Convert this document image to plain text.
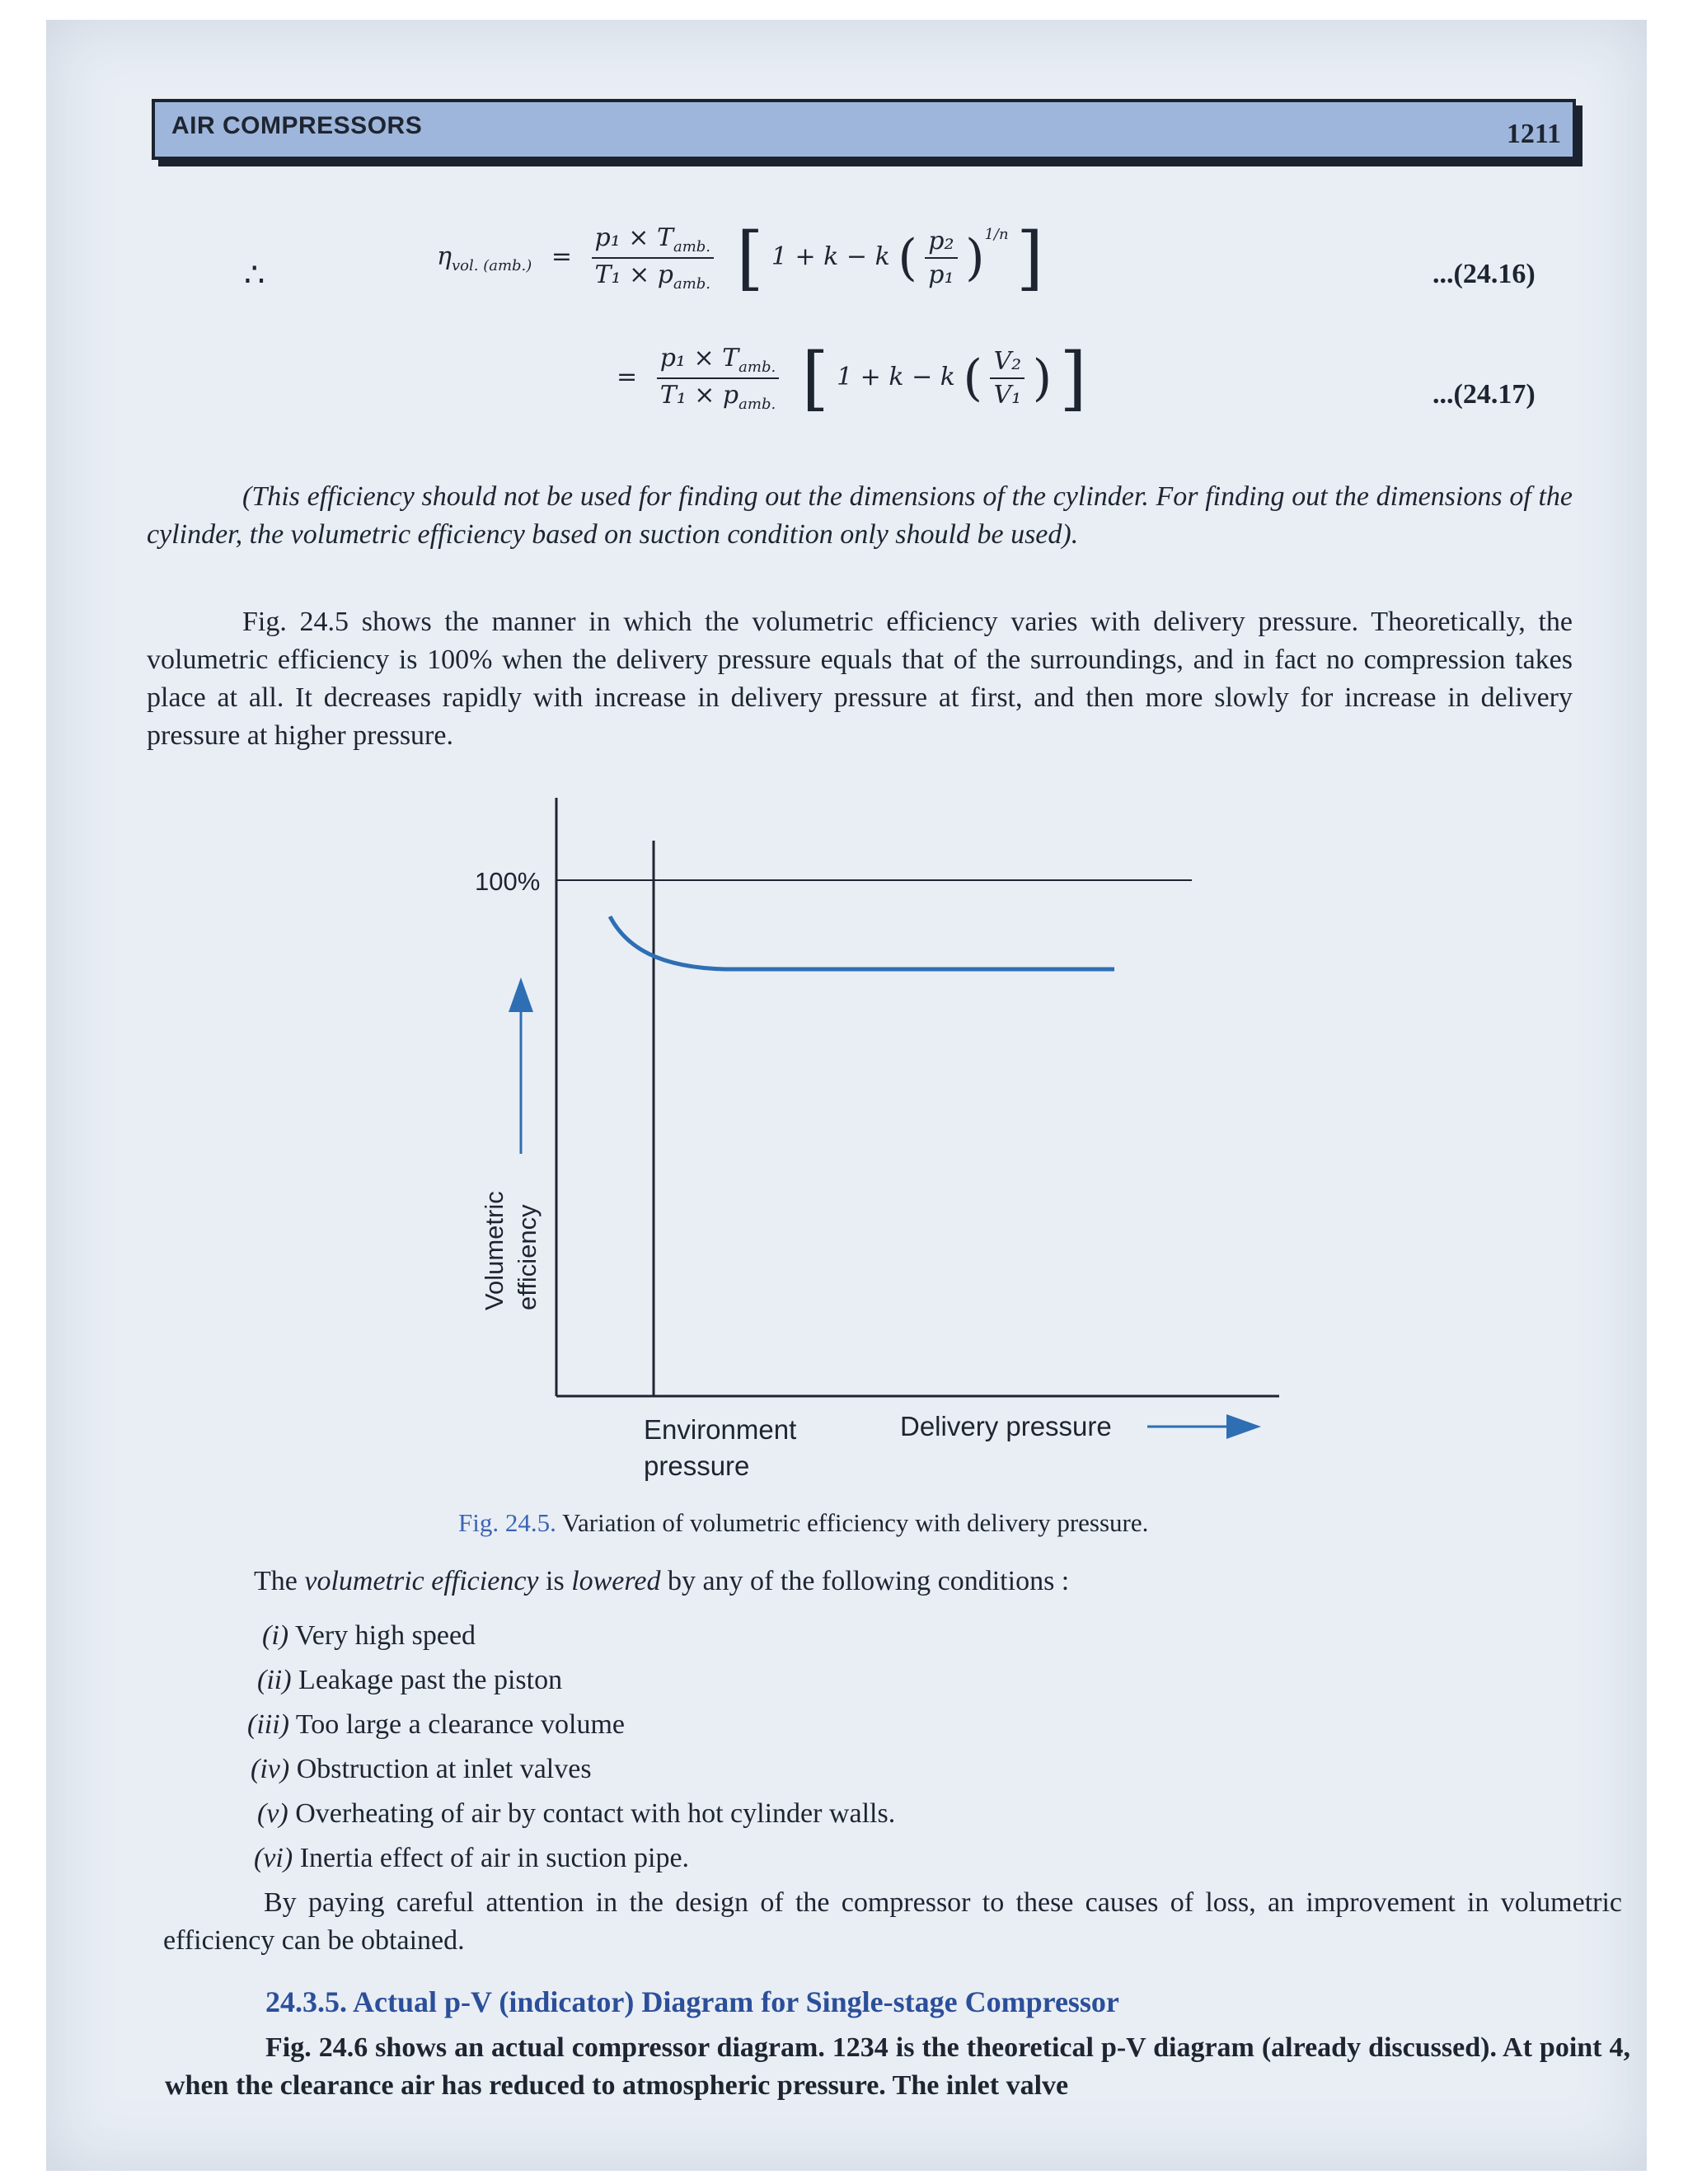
AIR COMPRESSORS	1211
∴	$\eta_{vol. (amb.)} = \frac{p_1 \times T_{amb.}}{T_1 \times p_{amb.}}$ [ 1 + k − k ( $\frac{\text{p₂}}{\text{p₁}} )^{1/n}$ ]	...(24.16)
= $\frac{p_1 \times T_{amb.}}{T_1 \times p_{amb.}}$ [ 1 + k − k ( $\frac{\text{V₂}}{\text{V₁}}$ ) ]	...(24.17)
(This efficiency should not be used for finding out the dimensions of the cylinder. For finding out the dimensions of the cylinder, the volumetric efficiency based on suction condition only should be used).
Fig. 24.5 shows the manner in which the volumetric efficiency varies with delivery pressure. Theoretically, the volumetric efficiency is 100% when the delivery pressure equals that of the surroundings, and in fact no compression takes place at all. It decreases rapidly with increase in delivery pressure at first, and then more slowly for increase in delivery pressure at higher pressure.
100%
Volumetric efficiency
Environment
pressure
Delivery pressure
Fig. 24.5. Variation of volumetric efficiency with delivery pressure.
The volumetric efficiency is lowered by any of the following conditions :
(i) Very high speed
(ii) Leakage past the piston
(iii) Too large a clearance volume
(iv) Obstruction at inlet valves
(v) Overheating of air by contact with hot cylinder walls.
(vi) Inertia effect of air in suction pipe.
By paying careful attention in the design of the compressor to these causes of loss, an improvement in volumetric efficiency can be obtained.
24.3.5. Actual p-V (indicator) Diagram for Single-stage Compressor
Fig. 24.6 shows an actual compressor diagram. 1234 is the theoretical p-V diagram (already discussed). At point 4, when the clearance air has reduced to atmospheric pressure. The inlet valve
